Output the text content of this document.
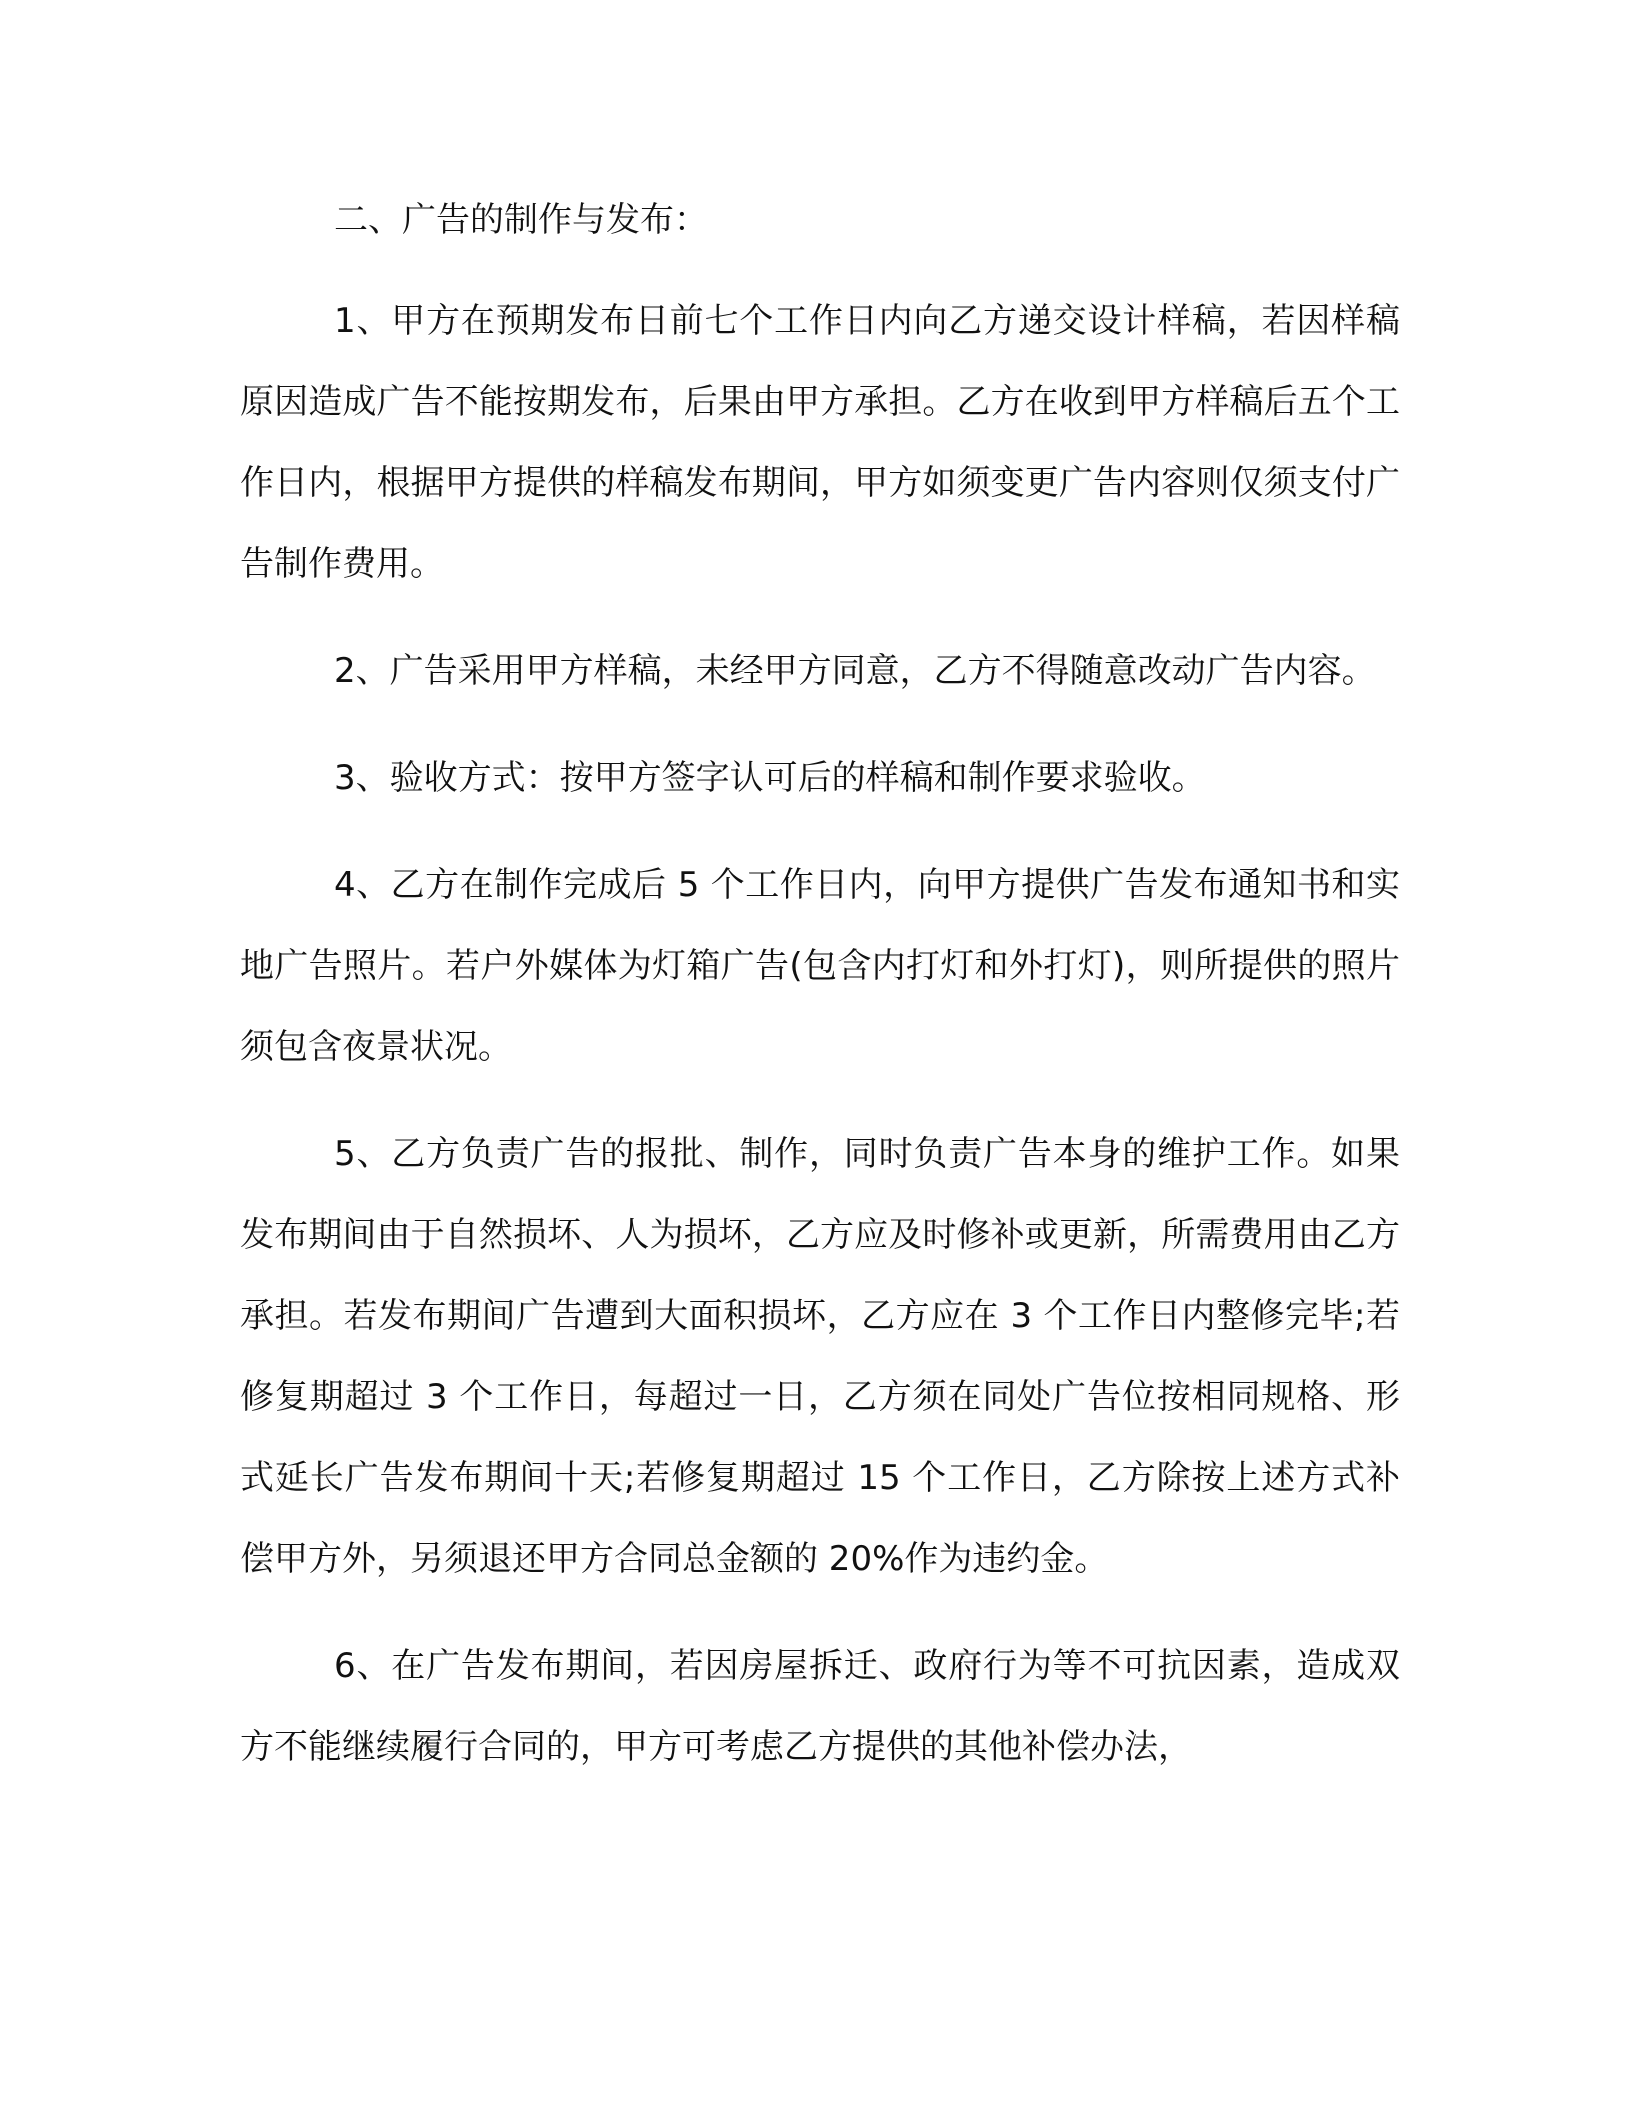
二、广告的制作与发布：

1、甲方在预期发布日前七个工作日内向乙方递交设计样稿，若因样稿原因造成广告不能按期发布，后果由甲方承担。乙方在收到甲方样稿后五个工作日内，根据甲方提供的样稿发布期间，甲方如须变更广告内容则仅须支付广告制作费用。

2、广告采用甲方样稿，未经甲方同意，乙方不得随意改动广告内容。

3、验收方式：按甲方签字认可后的样稿和制作要求验收。

4、乙方在制作完成后 5 个工作日内，向甲方提供广告发布通知书和实地广告照片。若户外媒体为灯箱广告(包含内打灯和外打灯)，则所提供的照片须包含夜景状况。

5、乙方负责广告的报批、制作，同时负责广告本身的维护工作。如果发布期间由于自然损坏、人为损坏，乙方应及时修补或更新，所需费用由乙方承担。若发布期间广告遭到大面积损坏，乙方应在 3 个工作日内整修完毕;若修复期超过 3 个工作日，每超过一日，乙方须在同处广告位按相同规格、形式延长广告发布期间十天;若修复期超过 15 个工作日，乙方除按上述方式补偿甲方外，另须退还甲方合同总金额的 20%作为违约金。

6、在广告发布期间，若因房屋拆迁、政府行为等不可抗因素，造成双方不能继续履行合同的，甲方可考虑乙方提供的其他补偿办法，
